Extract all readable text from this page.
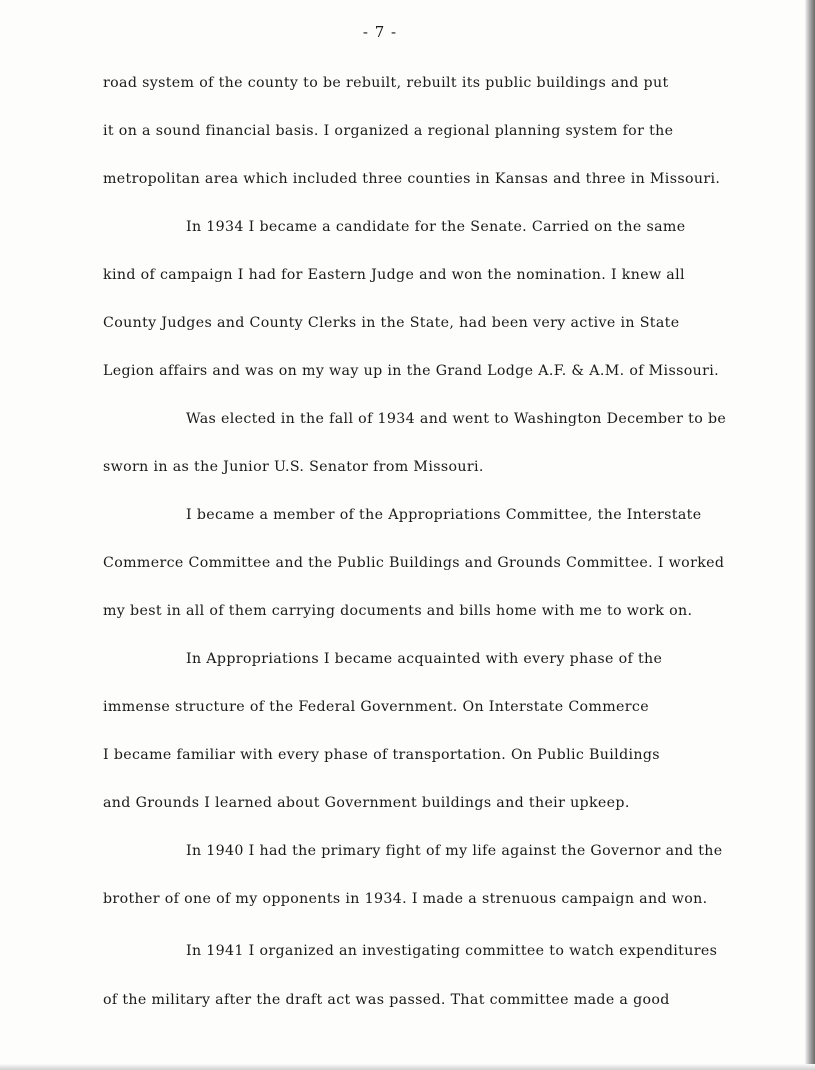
- 7 -
road system of the county to be rebuilt, rebuilt its public buildings and put
it on a sound financial basis. I organized a regional planning system for the
metropolitan area which included three counties in Kansas and three in Missouri.
In 1934 I became a candidate for the Senate. Carried on the same
kind of campaign I had for Eastern Judge and won the nomination. I knew all
County Judges and County Clerks in the State, had been very active in State
Legion affairs and was on my way up in the Grand Lodge A.F. & A.M. of Missouri.
Was elected in the fall of 1934 and went to Washington December to be
sworn in as the Junior U.S. Senator from Missouri.
I became a member of the Appropriations Committee, the Interstate
Commerce Committee and the Public Buildings and Grounds Committee. I worked
my best in all of them carrying documents and bills home with me to work on.
In Appropriations I became acquainted with every phase of the
immense structure of the Federal Government. On Interstate Commerce
I became familiar with every phase of transportation. On Public Buildings
and Grounds I learned about Government buildings and their upkeep.
In 1940 I had the primary fight of my life against the Governor and the
brother of one of my opponents in 1934. I made a strenuous campaign and won.
In 1941 I organized an investigating committee to watch expenditures
of the military after the draft act was passed. That committee made a good
